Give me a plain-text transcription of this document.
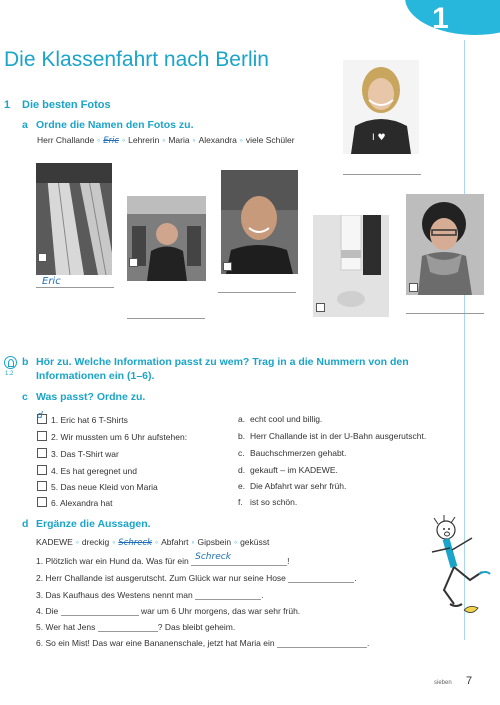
1
Die Klassenfahrt nach Berlin
1 Die besten Fotos
a Ordne die Namen den Fotos zu.
Herr Challande ◦ Eric ◦ Lehrerin ◦ Maria ◦ Alexandra ◦ viele Schüler	I ♥
Eric
1.2
b Hör zu. Welche Information passt zu wem? Trag in a die Nummern von den
Informationen ein (1–6).
c Was passt? Ordne zu.
d 1. Eric hat 6 T-Shirts
2. Wir mussten um 6 Uhr aufstehen:
3. Das T-Shirt war
4. Es hat geregnet und
5. Das neue Kleid von Maria
6. Alexandra hat
a. echt cool und billig.
b. Herr Challande ist in der U-Bahn ausgerutscht.
c. Bauchschmerzen gehabt.
d. gekauft – im KADEWE.
e. Die Abfahrt war sehr früh.
f. ist so schön.
d Ergänze die Aussagen.
KADEWE ◦ dreckig ◦ Schreck ◦ Abfahrt ◦ Gipsbein ◦ geküsst
1. Plötzlich war ein Hund da. Was für ein Schreck	!
2. Herr Challande ist ausgerutscht. Zum Glück war nur seine Hose	.
3. Das Kaufhaus des Westens nennt man	.
4. Die	war um 6 Uhr morgens, das war sehr früh.
5. Wer hat Jens	? Das bleibt geheim.
6. So ein Mist! Das war eine Bananenschale, jetzt hat Maria ein	.
sieben 7
